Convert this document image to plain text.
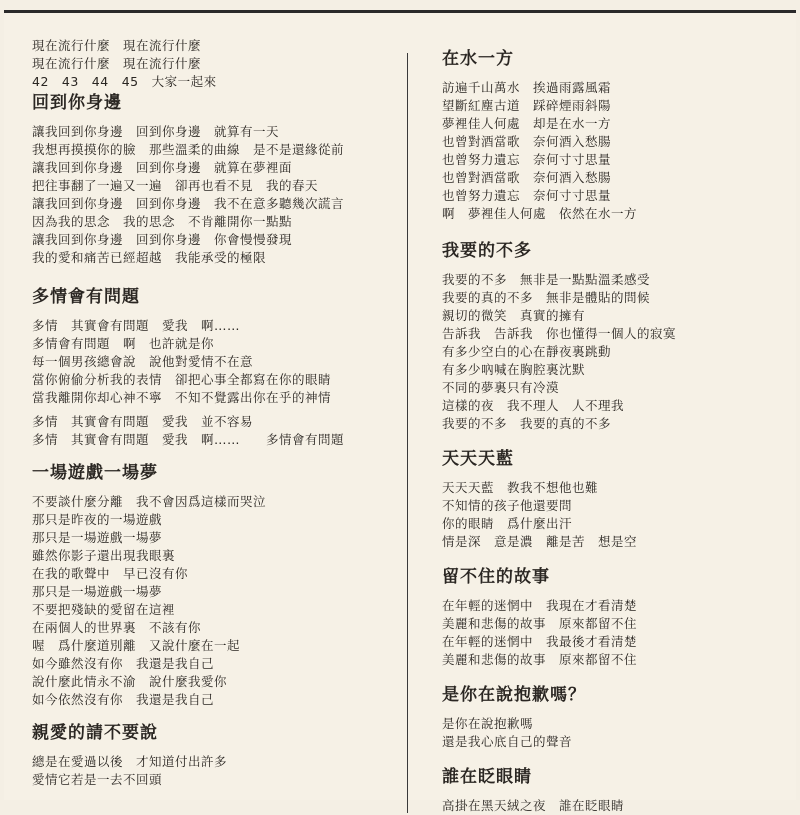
現在流行什麼　現在流行什麼
現在流行什麼　現在流行什麼
42　43　44　45　大家一起來
回到你身邊
讓我回到你身邊　回到你身邊　就算有一天
我想再摸摸你的臉　那些溫柔的曲線　是不是還緣從前
讓我回到你身邊　回到你身邊　就算在夢裡面
把往事翻了一遍又一遍　卻再也看不見　我的春天
讓我回到你身邊　回到你身邊　我不在意多聽幾次謊言
因為我的思念　我的思念　不肯離開你一點點
讓我回到你身邊　回到你身邊　你會慢慢發現
我的愛和痛苦已經超越　我能承受的極限
多情會有問題
多情　其實會有問題　愛我　啊……
多情會有問題　啊　也許就是你
每一個男孩總會說　說他對愛情不在意
當你俯偷分析我的表情　卻把心事全都寫在你的眼睛
當我離開你却心神不寧　不知不覺露出你在乎的神情
多情　其實會有問題　愛我　並不容易
多情　其實會有問題　愛我　啊……　　多情會有問題
一場遊戲一場夢
不要談什麼分離　我不會因爲這樣而哭泣
那只是昨夜的一場遊戲
那只是一場遊戲一場夢
雖然你影子還出現我眼裏
在我的歌聲中　早已沒有你
那只是一場遊戲一場夢
不要把殘缺的愛留在這裡
在兩個人的世界裏　不該有你
喔　爲什麼道別離　又說什麼在一起
如今雖然沒有你　我還是我自己
說什麼此情永不渝　說什麼我愛你
如今依然沒有你　我還是我自己
親愛的請不要說
總是在愛過以後　才知道付出許多
愛情它若是一去不回頭
在水一方
訪遍千山萬水　挨過雨露風霜
望斷紅塵古道　踩碎煙雨斜陽
夢裡佳人何處　却是在水一方
也曾對酒當歌　奈何酒入愁腸
也曾努力遺忘　奈何寸寸思量
也曾對酒當歌　奈何酒入愁腸
也曾努力遺忘　奈何寸寸思量
啊　夢裡佳人何處　依然在水一方
我要的不多
我要的不多　無非是一點點溫柔感受
我要的真的不多　無非是體貼的問候
親切的微笑　真實的擁有
告訴我　告訴我　你也懂得一個人的寂寞
有多少空白的心在靜夜裏跳動
有多少吶喊在胸腔裏沈默
不同的夢裏只有冷漠
這樣的夜　我不理人　人不理我
我要的不多　我要的真的不多
天天天藍
天天天藍　教我不想他也難
不知情的孩子他還要問
你的眼睛　爲什麼出汗
情是深　意是濃　離是苦　想是空
留不住的故事
在年輕的迷惘中　我現在才看清楚
美麗和悲傷的故事　原來都留不住
在年輕的迷惘中　我最後才看清楚
美麗和悲傷的故事　原來都留不住
是你在說抱歉嗎？
是你在說抱歉嗎
還是我心底自己的聲音
誰在眨眼睛
高掛在黑天絨之夜　誰在眨眼睛
